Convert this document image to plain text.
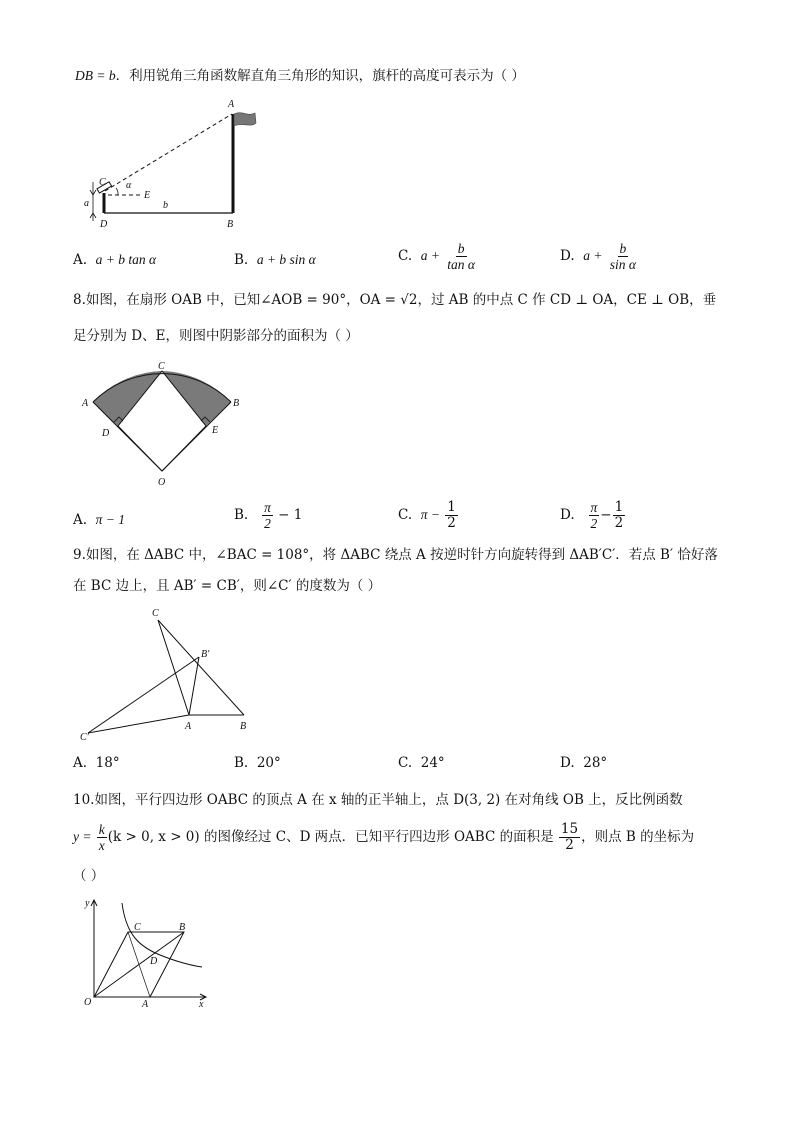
DB = b．利用锐角三角函数解直角三角形的知识，旗杆的高度可表示为（ ）
A
C α
E
a
D
b
B
A. a + b tan α	B. a + b sin α	C. $a + \frac{b}{\text{tan α}}$	D. $a + \frac{b}{\text{sin α}}$
8.如图，在扇形 OAB 中，已知∠AOB = 90°，OA = √2，过 AB 的中点 C 作 CD ⊥ OA，CE ⊥ OB，垂
足分别为 D、E，则图中阴影部分的面积为（ ）
C
A	B
D	E
O
A. π − 1	B. $\frac{\pi}{2} - 1$	C. $\pi - \frac{1}{2}$	D. $\frac{\pi}{2} - \frac{1}{2}$
9.如图，在 ΔABC 中，∠BAC = 108°，将 ΔABC 绕点 A 按逆时针方向旋转得到 ΔAB′C′．若点 B′ 恰好落
在 BC 边上，且 AB′ = CB′，则∠C′ 的度数为（ ）
C
B′
C′
A	B
A. 18°	B. 20°	C. 24°	D. 28°
10.如图，平行四边形 OABC 的顶点 A 在 x 轴的正半轴上，点 D(3, 2) 在对角线 OB 上，反比例函数
$y = \frac{k}{x} (k > 0$, x > 0) 的图像经过 C、D 两点．已知平行四边形 OABC 的面积是 $\frac{15}{2}$ ，则点 B 的坐标为
（ ）
y
C	B
D
O	A	x
